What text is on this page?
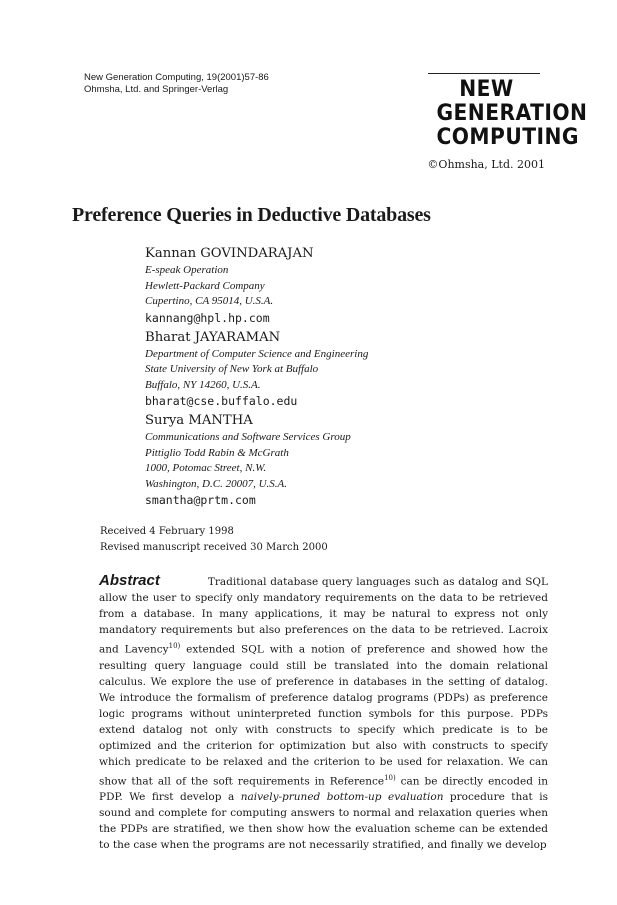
New Generation Computing, 19(2001)57-86
Ohmsha, Ltd. and Springer-Verlag	NEW
GENERATION
COMPUTING
©Ohmsha, Ltd. 2001
Preference Queries in Deductive Databases
Kannan GOVINDARAJAN
E-speak Operation
Hewlett-Packard Company
Cupertino, CA 95014, U.S.A.
kannang@hpl.hp.com
Bharat JAYARAMAN
Department of Computer Science and Engineering
State University of New York at Buffalo
Buffalo, NY 14260, U.S.A.
bharat@cse.buffalo.edu
Surya MANTHA
Communications and Software Services Group
Pittiglio Todd Rabin & McGrath
1000, Potomac Street, N.W.
Washington, D.C. 20007, U.S.A.
smantha@prtm.com
Received 4 February 1998
Revised manuscript received 30 March 2000
Abstract	Traditional database query languages such as datalog and SQL allow the user to specify only mandatory requirements on the data to be retrieved from a database. In many applications, it may be natural to express not only mandatory requirements but also preferences on the data to be retrieved. Lacroix and Lavency$^{10)}$ extended SQL with a notion of preference and showed how the resulting query language could still be translated into the domain relational calculus. We explore the use of preference in databases in the setting of datalog. We introduce the formalism of preference datalog programs (PDPs) as preference logic programs without uninterpreted function symbols for this purpose. PDPs extend datalog not only with constructs to specify which predicate is to be optimized and the criterion for optimization but also with constructs to specify which predicate to be relaxed and the criterion to be used for relaxation. We can show that all of the soft requirements in Reference$^{10)}$ can be directly encoded in PDP. We first develop a naively-pruned bottom-up evaluation procedure that is sound and complete for computing answers to normal and relaxation queries when the PDPs are stratified, we then show how the evaluation scheme can be extended to the case when the programs are not necessarily stratified, and finally we develop
